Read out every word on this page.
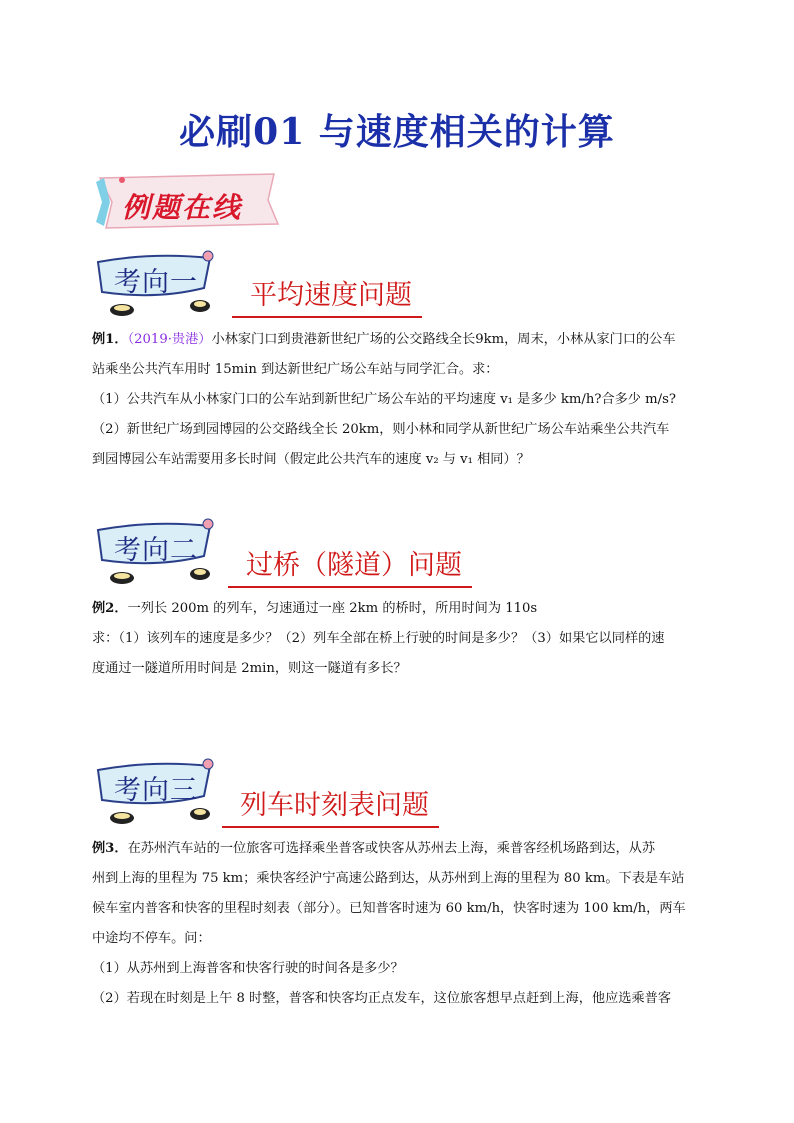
必刷01 与速度相关的计算
例题在线
考向一	平均速度问题
例1．（2019·贵港）小林家门口到贵港新世纪广场的公交路线全长9km，周末，小林从家门口的公车
站乘坐公共汽车用时 15min 到达新世纪广场公车站与同学汇合。求：
（1）公共汽车从小林家门口的公车站到新世纪广场公车站的平均速度 v₁ 是多少 km/h?合多少 m/s?
（2）新世纪广场到园博园的公交路线全长 20km，则小林和同学从新世纪广场公车站乘坐公共汽车
到园博园公车站需要用多长时间（假定此公共汽车的速度 v₂ 与 v₁ 相同）？
考向二	过桥（隧道）问题
例2．一列长 200m 的列车，匀速通过一座 2km 的桥时，所用时间为 110s
求：（1）该列车的速度是多少？（2）列车全部在桥上行驶的时间是多少？（3）如果它以同样的速
度通过一隧道所用时间是 2min，则这一隧道有多长？
考向三	列车时刻表问题
例3．在苏州汽车站的一位旅客可选择乘坐普客或快客从苏州去上海，乘普客经机场路到达，从苏
州到上海的里程为 75 km；乘快客经沪宁高速公路到达，从苏州到上海的里程为 80 km。下表是车站
候车室内普客和快客的里程时刻表（部分）。已知普客时速为 60 km/h，快客时速为 100 km/h，两车
中途均不停车。问：
（1）从苏州到上海普客和快客行驶的时间各是多少？
（2）若现在时刻是上午 8 时整，普客和快客均正点发车，这位旅客想早点赶到上海，他应选乘普客
